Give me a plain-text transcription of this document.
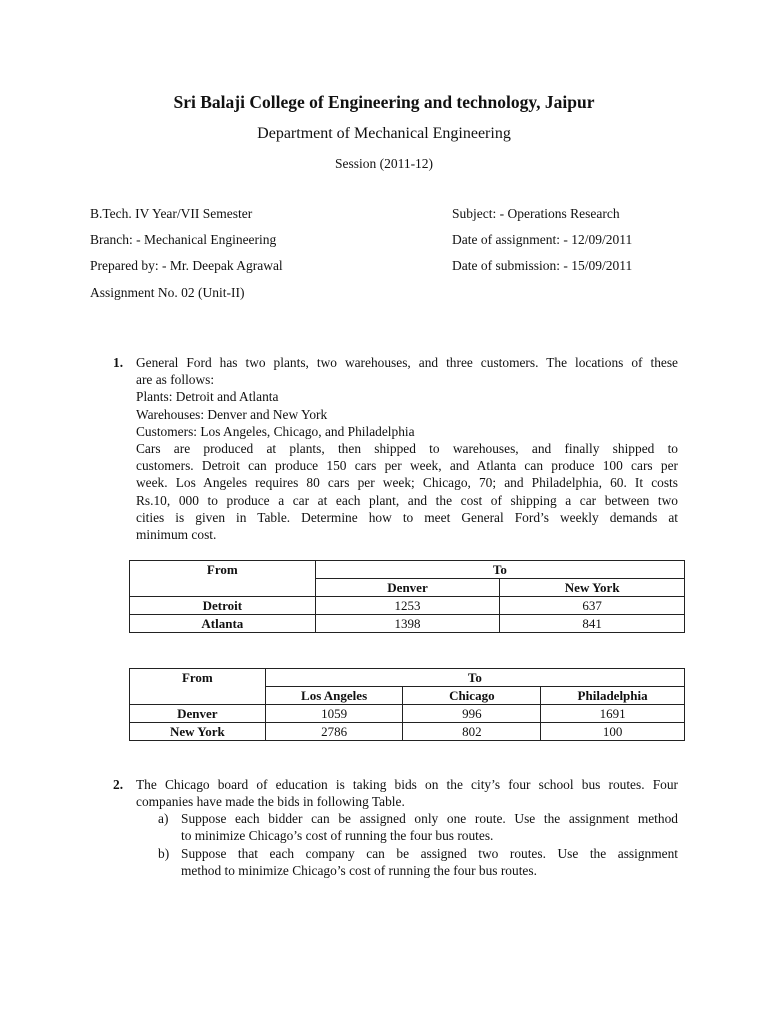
Sri Balaji College of Engineering and technology, Jaipur
Department of Mechanical Engineering
Session (2011-12)
B.Tech. IV Year/VII Semester
Branch: - Mechanical Engineering
Prepared by: - Mr. Deepak Agrawal
Assignment No. 02 (Unit-II)
Subject: - Operations Research
Date of assignment: - 12/09/2011
Date of submission: - 15/09/2011
1. General Ford has two plants, two warehouses, and three customers. The locations of these
are as follows:
Plants: Detroit and Atlanta
Warehouses: Denver and New York
Customers: Los Angeles, Chicago, and Philadelphia
Cars are produced at plants, then shipped to warehouses, and finally shipped to
customers. Detroit can produce 150 cars per week, and Atlanta can produce 100 cars per
week. Los Angeles requires 80 cars per week; Chicago, 70; and Philadelphia, 60. It costs
Rs.10, 000 to produce a car at each plant, and the cost of shipping a car between two
cities is given in Table. Determine how to meet General Ford’s weekly demands at
minimum cost.
From	To	
	Denver	New York
Detroit	1253	637
Atlanta	1398	841
From	To		
	Los Angeles	Chicago	Philadelphia
Denver	1059	996	1691
New York	2786	802	100
2. The Chicago board of education is taking bids on the city’s four school bus routes. Four
companies have made the bids in following Table.
a) Suppose each bidder can be assigned only one route. Use the assignment method
to minimize Chicago’s cost of running the four bus routes.
b) Suppose that each company can be assigned two routes. Use the assignment
method to minimize Chicago’s cost of running the four bus routes.
